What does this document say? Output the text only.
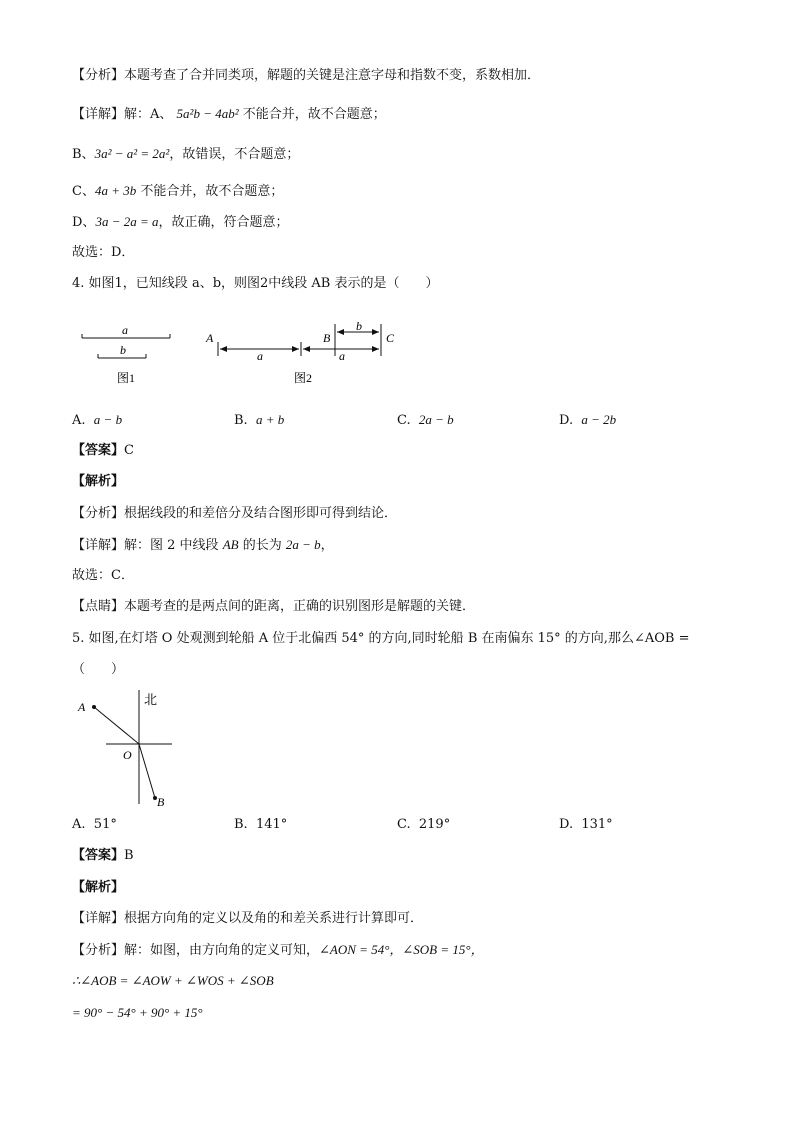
【分析】本题考查了合并同类项，解题的关键是注意字母和指数不变，系数相加．
【详解】解：A、 5a²b − 4ab² 不能合并，故不合题意；
B、3a² − a² = 2a²，故错误，不合题意；
C、4a + 3b 不能合并，故不合题意；
D、3a − 2a = a，故正确，符合题意；
故选：D．
4. 如图1，已知线段 a、b，则图2中线段 AB 表示的是（　　）
a
b
图1
A
a	a
b
B	C
图2
A. a − b	B. a + b	C. 2a − b	D. a − 2b
【答案】C
【解析】
【分析】根据线段的和差倍分及结合图形即可得到结论．
【详解】解：图 2 中线段 AB 的长为 2a − b，
故选：C．
【点睛】本题考查的是两点间的距离，正确的识别图形是解题的关键．
5. 如图,在灯塔 O 处观测到轮船 A 位于北偏西 54° 的方向,同时轮船 B 在南偏东 15° 的方向,那么∠AOB =
（　　）
北
A
O
B
A. 51°	B. 141°	C. 219°	D. 131°
【答案】B
【解析】
【详解】根据方向角的定义以及角的和差关系进行计算即可．
【分析】解：如图，由方向角的定义可知，∠AON = 54°，∠SOB = 15°，
∴∠AOB = ∠AOW + ∠WOS + ∠SOB
= 90° − 54° + 90° + 15°
